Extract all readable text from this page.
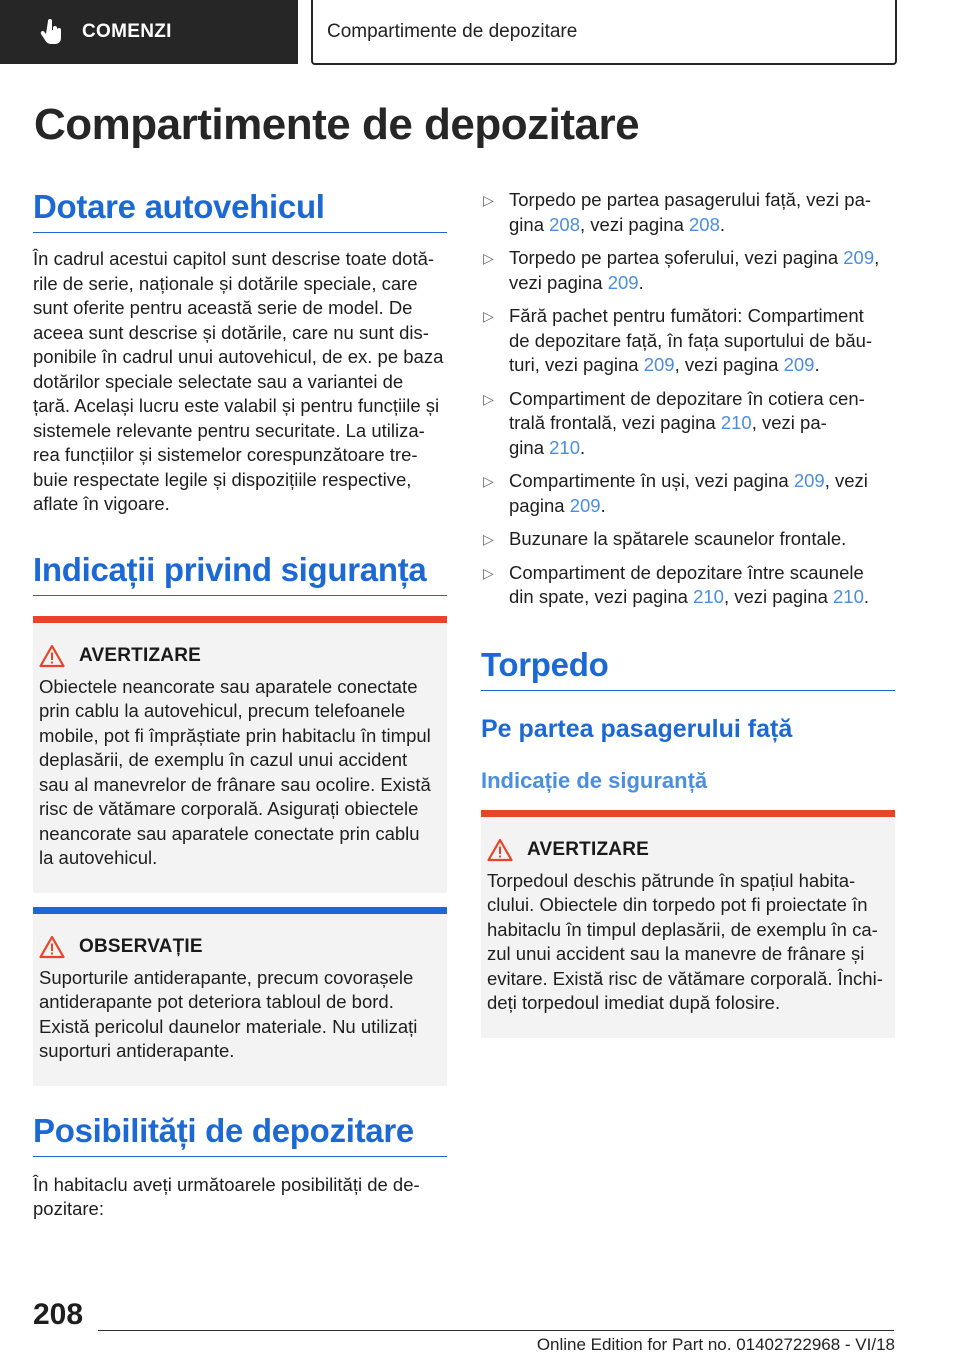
COMENZI	Compartimente de depozitare
Compartimente de depozitare
Dotare autovehicul
În cadrul acestui capitol sunt descrise toate dotă‐
rile de serie, naționale și dotările speciale, care
sunt oferite pentru această serie de model. De
aceea sunt descrise și dotările, care nu sunt dis‐
ponibile în cadrul unui autovehicul, de ex. pe baza
dotărilor speciale selectate sau a variantei de
țară. Același lucru este valabil și pentru funcțiile și
sistemele relevante pentru securitate. La utiliza‐
rea funcțiilor și sistemelor corespunzătoare tre‐
buie respectate legile și dispozițiile respective,
aflate în vigoare.
Indicații privind siguranța
AVERTIZARE
Obiectele neancorate sau aparatele conectate
prin cablu la autovehicul, precum telefoanele
mobile, pot fi împrăștiate prin habitaclu în timpul
deplasării, de exemplu în cazul unui accident
sau al manevrelor de frânare sau ocolire. Există
risc de vătămare corporală. Asigurați obiectele
neancorate sau aparatele conectate prin cablu
la autovehicul.
OBSERVAȚIE
Suporturile antiderapante, precum covorașele
antiderapante pot deteriora tabloul de bord.
Există pericolul daunelor materiale. Nu utilizați
suporturi antiderapante.
Posibilități de depozitare
În habitaclu aveți următoarele posibilități de de‐
pozitare:
▷ Torpedo pe partea pasagerului față, vezi pa‐
gina 208, vezi pagina 208.
▷ Torpedo pe partea șoferului, vezi pagina 209,
vezi pagina 209.
▷ Fără pachet pentru fumători: Compartiment
de depozitare față, în fața suportului de bău‐
turi, vezi pagina 209, vezi pagina 209.
▷ Compartiment de depozitare în cotiera cen‐
trală frontală, vezi pagina 210, vezi pa‐
gina 210.
▷ Compartimente în uși, vezi pagina 209, vezi
pagina 209.
▷ Buzunare la spătarele scaunelor frontale.
▷ Compartiment de depozitare între scaunele
din spate, vezi pagina 210, vezi pagina 210.
Torpedo
Pe partea pasagerului față
Indicație de siguranță
AVERTIZARE
Torpedoul deschis pătrunde în spațiul habita‐
clului. Obiectele din torpedo pot fi proiectate în
habitaclu în timpul deplasării, de exemplu în ca‐
zul unui accident sau la manevre de frânare și
evitare. Există risc de vătămare corporală. Închi‐
deți torpedoul imediat după folosire.

208

Online Edition for Part no. 01402722968 - VI/18
